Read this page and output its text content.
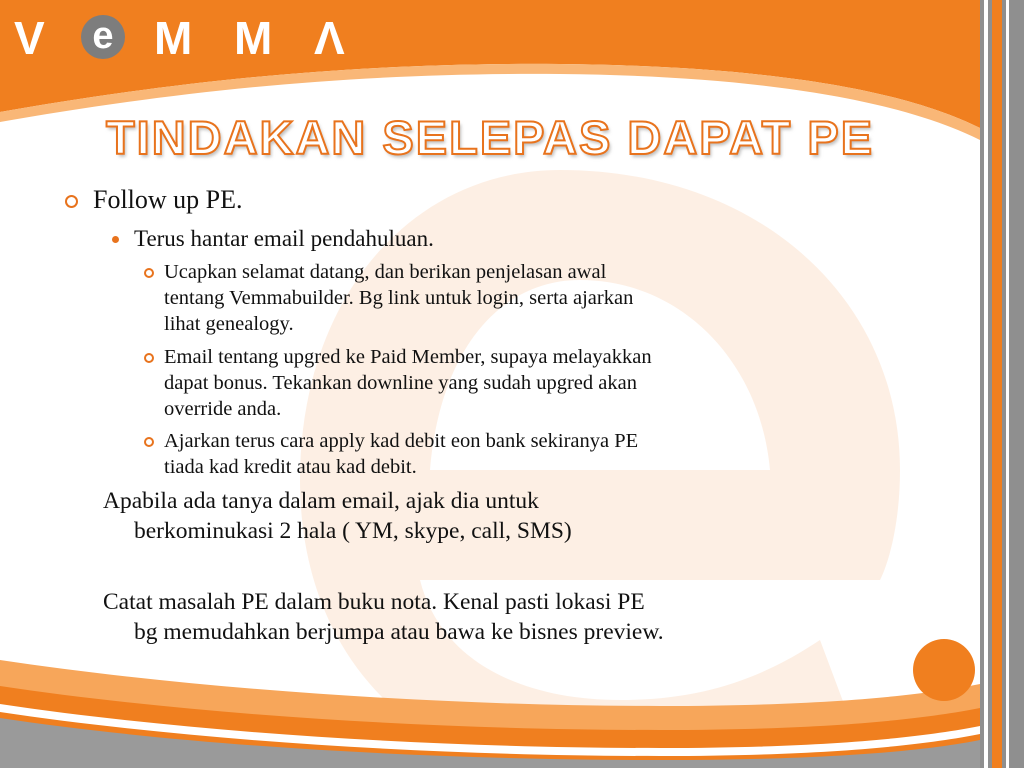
V	e M M Λ
TINDAKAN SELEPAS DAPAT PE
Follow up PE.
Terus hantar email pendahuluan.
Ucapkan selamat datang, dan berikan penjelasan awal
tentang Vemmabuilder. Bg link untuk login, serta ajarkan
lihat genealogy.
Email tentang upgred ke Paid Member, supaya melayakkan
dapat bonus. Tekankan downline yang sudah upgred akan
override anda.
Ajarkan terus cara apply kad debit eon bank sekiranya PE
tiada kad kredit atau kad debit.
Apabila ada tanya dalam email, ajak dia untuk
berkominukasi 2 hala ( YM, skype, call, SMS)
Catat masalah PE dalam buku nota. Kenal pasti lokasi PE
bg memudahkan berjumpa atau bawa ke bisnes preview.
